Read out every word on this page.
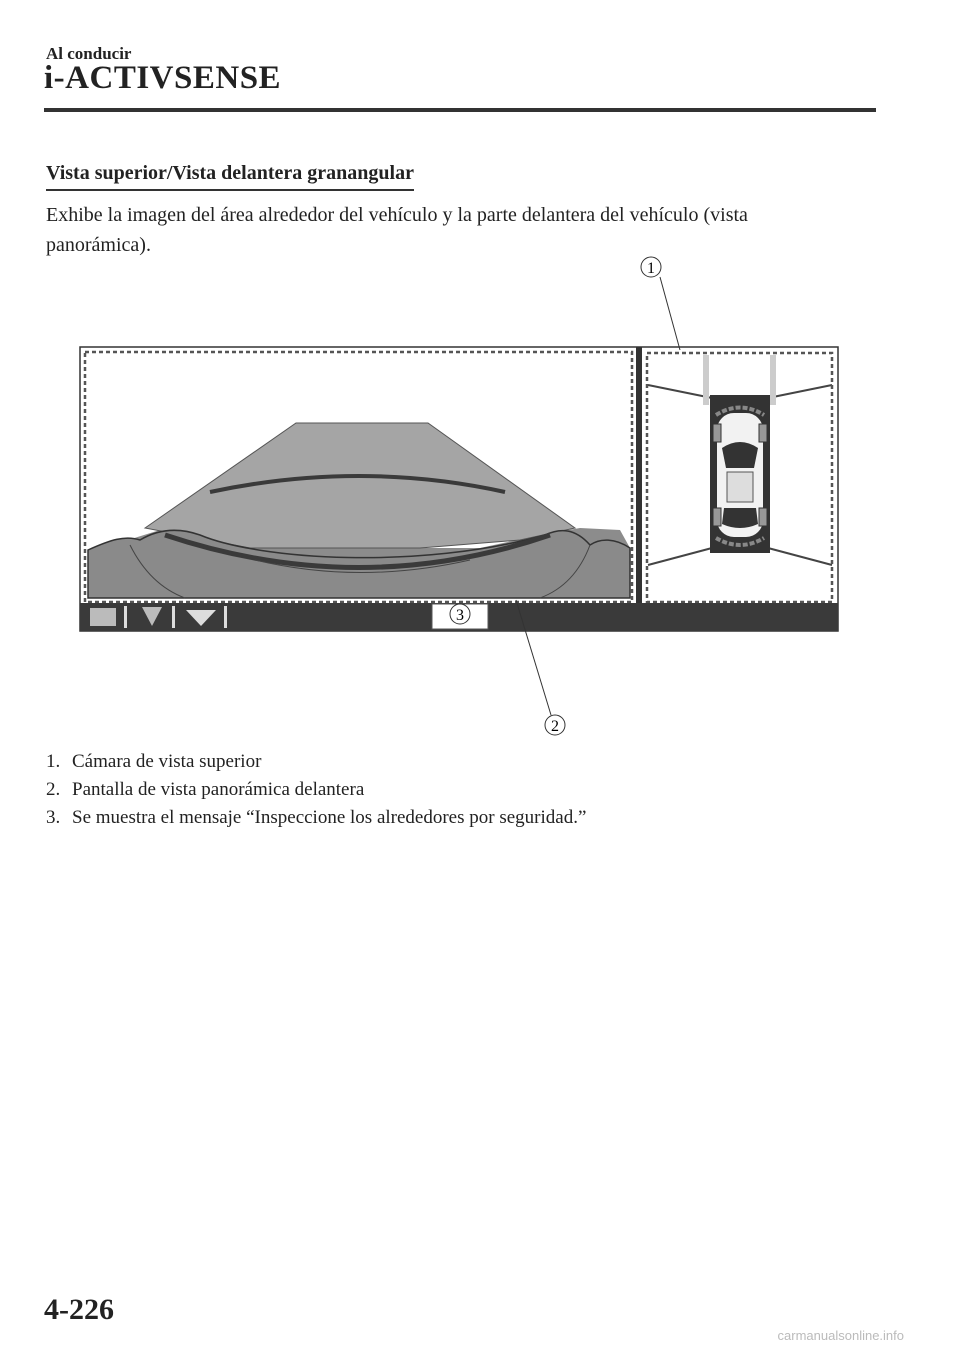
Al conducir
i-ACTIVSENSE
Vista superior/Vista delantera granangular
Exhibe la imagen del área alrededor del vehículo y la parte delantera del vehículo (vista panorámica).
1
2
3
1. Cámara de vista superior
2. Pantalla de vista panorámica delantera
3. Se muestra el mensaje “Inspeccione los alrededores por seguridad.”
4-226
carmanualsonline.info
